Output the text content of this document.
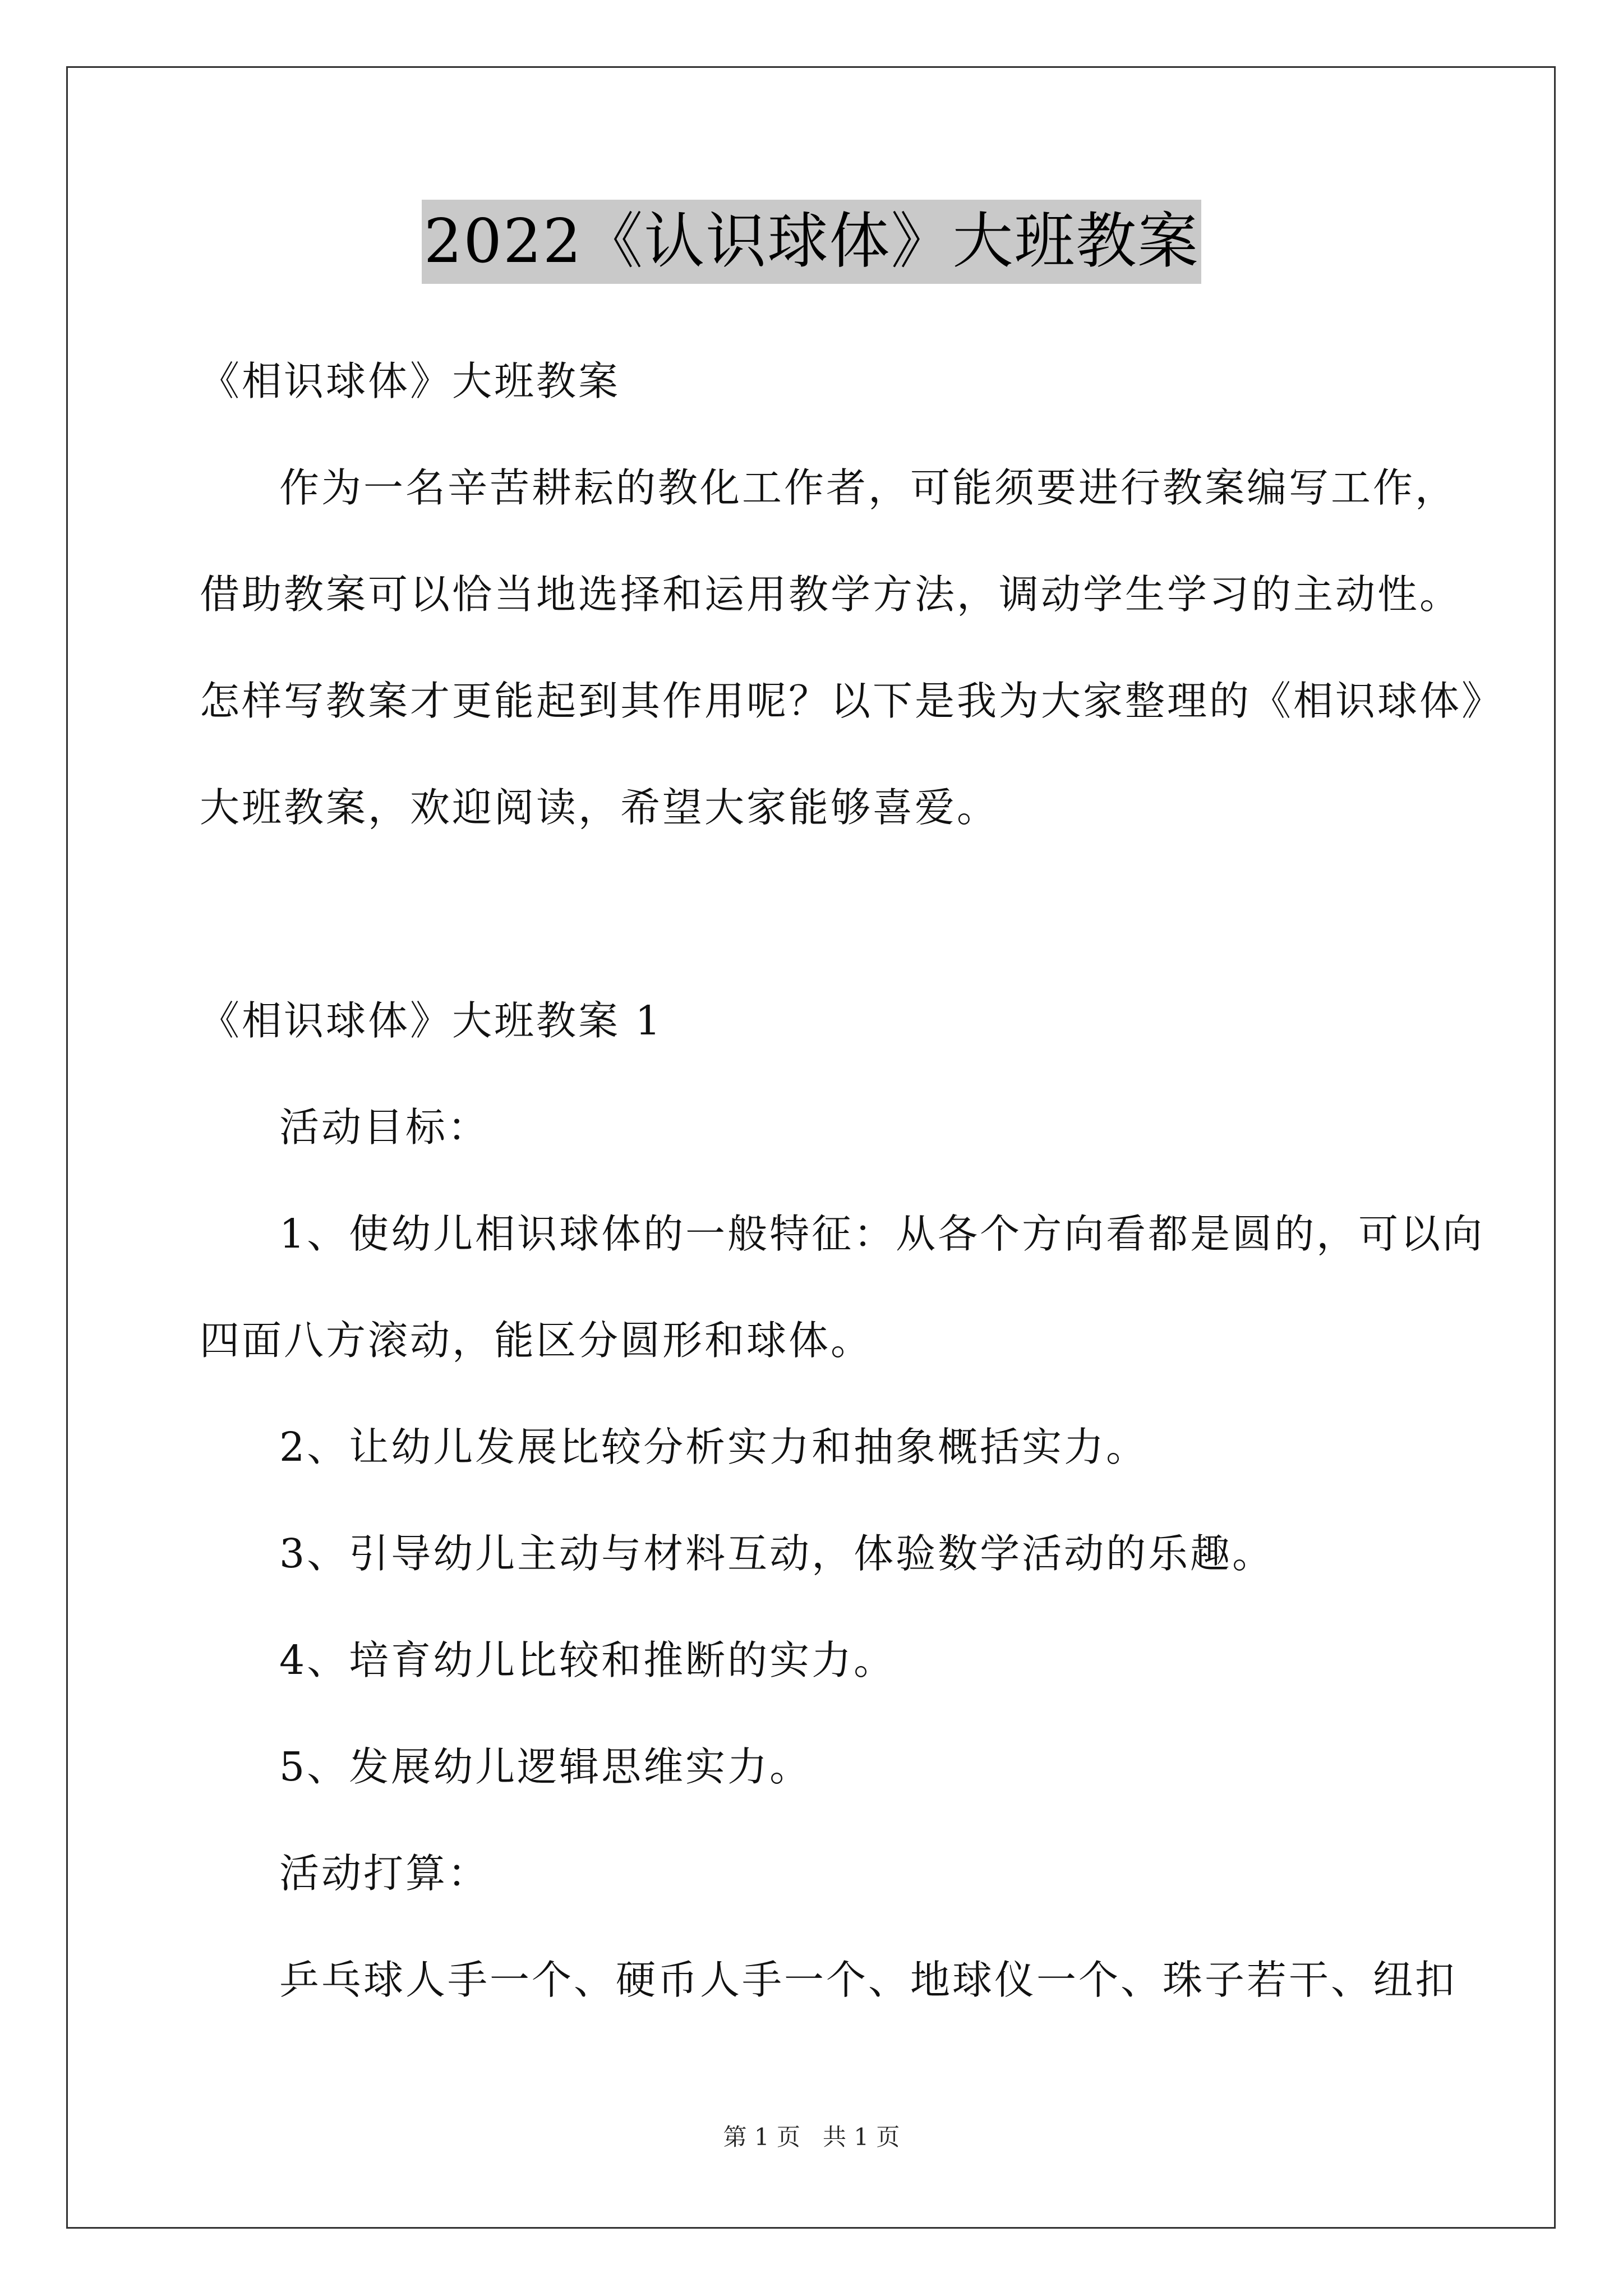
2022《认识球体》大班教案
《相识球体》大班教案
作为一名辛苦耕耘的教化工作者，可能须要进行教案编写工作，
借助教案可以恰当地选择和运用教学方法，调动学生学习的主动性。
怎样写教案才更能起到其作用呢？以下是我为大家整理的《相识球体》
大班教案，欢迎阅读，希望大家能够喜爱。
《相识球体》大班教案 1
活动目标：
1、使幼儿相识球体的一般特征：从各个方向看都是圆的，可以向
四面八方滚动，能区分圆形和球体。
2、让幼儿发展比较分析实力和抽象概括实力。
3、引导幼儿主动与材料互动，体验数学活动的乐趣。
4、培育幼儿比较和推断的实力。
5、发展幼儿逻辑思维实力。
活动打算：
乒乓球人手一个、硬币人手一个、地球仪一个、珠子若干、纽扣
第 1 页 共 1 页
